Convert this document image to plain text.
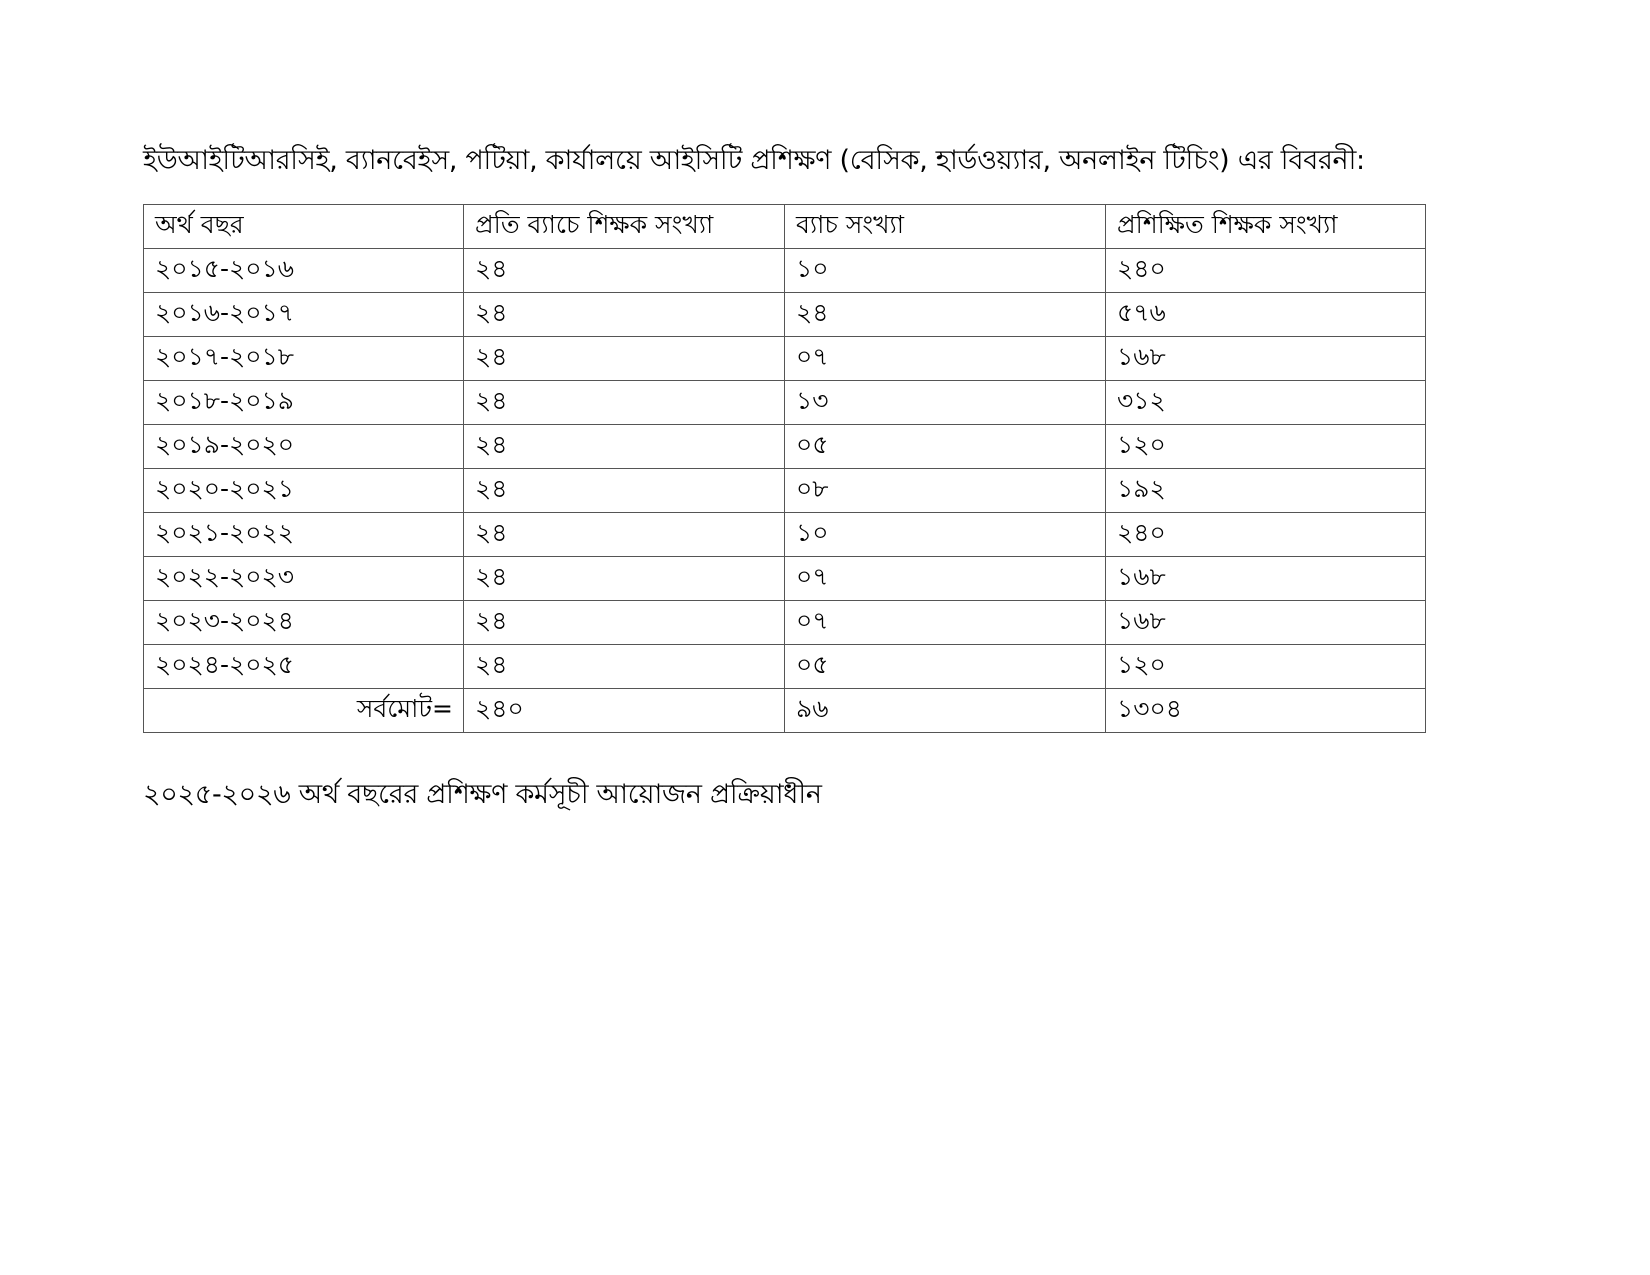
ইউআইটিআরসিই, ব্যানবেইস, পটিয়া, কার্যালয়ে আইসিটি প্রশিক্ষণ (বেসিক, হার্ডওয়্যার, অনলাইন টিচিং) এর বিবরনী:
অর্থ বছর	প্রতি ব্যাচে শিক্ষক সংখ্যা	ব্যাচ সংখ্যা	প্রশিক্ষিত শিক্ষক সংখ্যা
২০১৫-২০১৬	২৪	১০	২৪০
২০১৬-২০১৭	২৪	২৪	৫৭৬
২০১৭-২০১৮	২৪	০৭	১৬৮
২০১৮-২০১৯	২৪	১৩	৩১২
২০১৯-২০২০	২৪	০৫	১২০
২০২০-২০২১	২৪	০৮	১৯২
২০২১-২০২২	২৪	১০	২৪০
২০২২-২০২৩	২৪	০৭	১৬৮
২০২৩-২০২৪	২৪	০৭	১৬৮
২০২৪-২০২৫	২৪	০৫	১২০
সর্বমোট=	২৪০	৯৬	১৩০৪
২০২৫-২০২৬ অর্থ বছরের প্রশিক্ষণ কর্মসূচী আয়োজন প্রক্রিয়াধীন
